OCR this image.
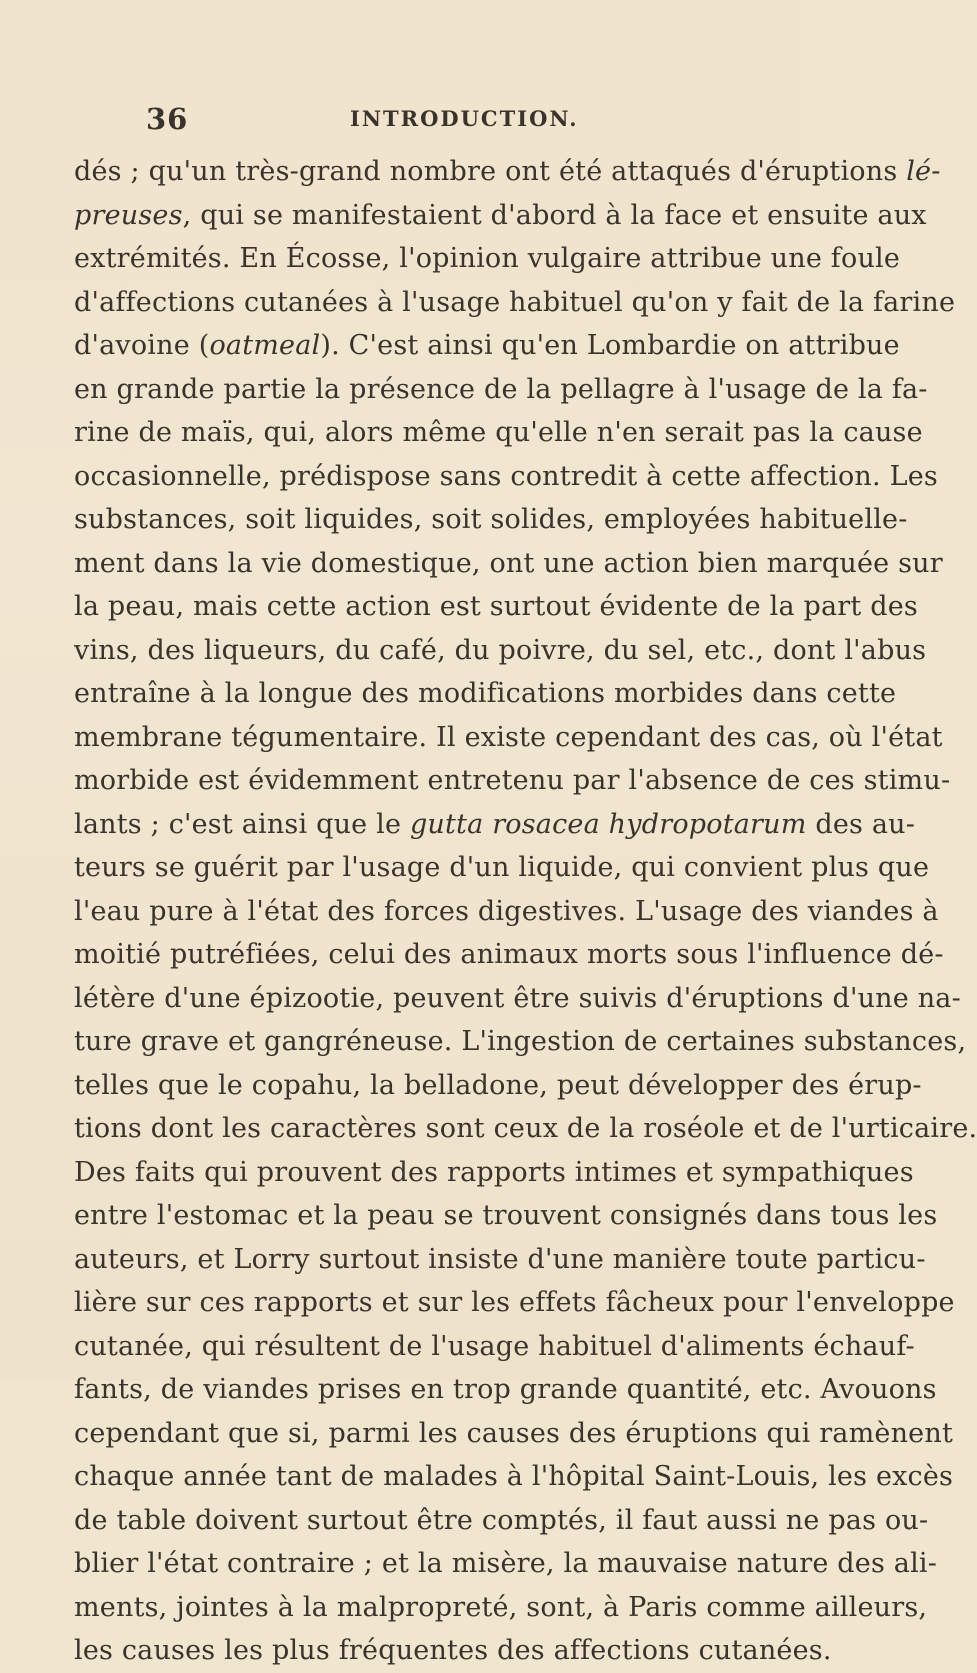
36	INTRODUCTION.
dés ; qu'un très-grand nombre ont été attaqués d'éruptions lé-
preuses, qui se manifestaient d'abord à la face et ensuite aux
extrémités. En Écosse, l'opinion vulgaire attribue une foule
d'affections cutanées à l'usage habituel qu'on y fait de la farine
d'avoine (oatmeal). C'est ainsi qu'en Lombardie on attribue
en grande partie la présence de la pellagre à l'usage de la fa-
rine de maïs, qui, alors même qu'elle n'en serait pas la cause
occasionnelle, prédispose sans contredit à cette affection. Les
substances, soit liquides, soit solides, employées habituelle-
ment dans la vie domestique, ont une action bien marquée sur
la peau, mais cette action est surtout évidente de la part des
vins, des liqueurs, du café, du poivre, du sel, etc., dont l'abus
entraîne à la longue des modifications morbides dans cette
membrane tégumentaire. Il existe cependant des cas, où l'état
morbide est évidemment entretenu par l'absence de ces stimu-
lants ; c'est ainsi que le gutta rosacea hydropotarum des au-
teurs se guérit par l'usage d'un liquide, qui convient plus que
l'eau pure à l'état des forces digestives. L'usage des viandes à
moitié putréfiées, celui des animaux morts sous l'influence dé-
létère d'une épizootie, peuvent être suivis d'éruptions d'une na-
ture grave et gangréneuse. L'ingestion de certaines substances,
telles que le copahu, la belladone, peut développer des érup-
tions dont les caractères sont ceux de la roséole et de l'urticaire.
Des faits qui prouvent des rapports intimes et sympathiques
entre l'estomac et la peau se trouvent consignés dans tous les
auteurs, et Lorry surtout insiste d'une manière toute particu-
lière sur ces rapports et sur les effets fâcheux pour l'enveloppe
cutanée, qui résultent de l'usage habituel d'aliments échauf-
fants, de viandes prises en trop grande quantité, etc. Avouons
cependant que si, parmi les causes des éruptions qui ramènent
chaque année tant de malades à l'hôpital Saint-Louis, les excès
de table doivent surtout être comptés, il faut aussi ne pas ou-
blier l'état contraire ; et la misère, la mauvaise nature des ali-
ments, jointes à la malpropreté, sont, à Paris comme ailleurs,
les causes les plus fréquentes des affections cutanées.
